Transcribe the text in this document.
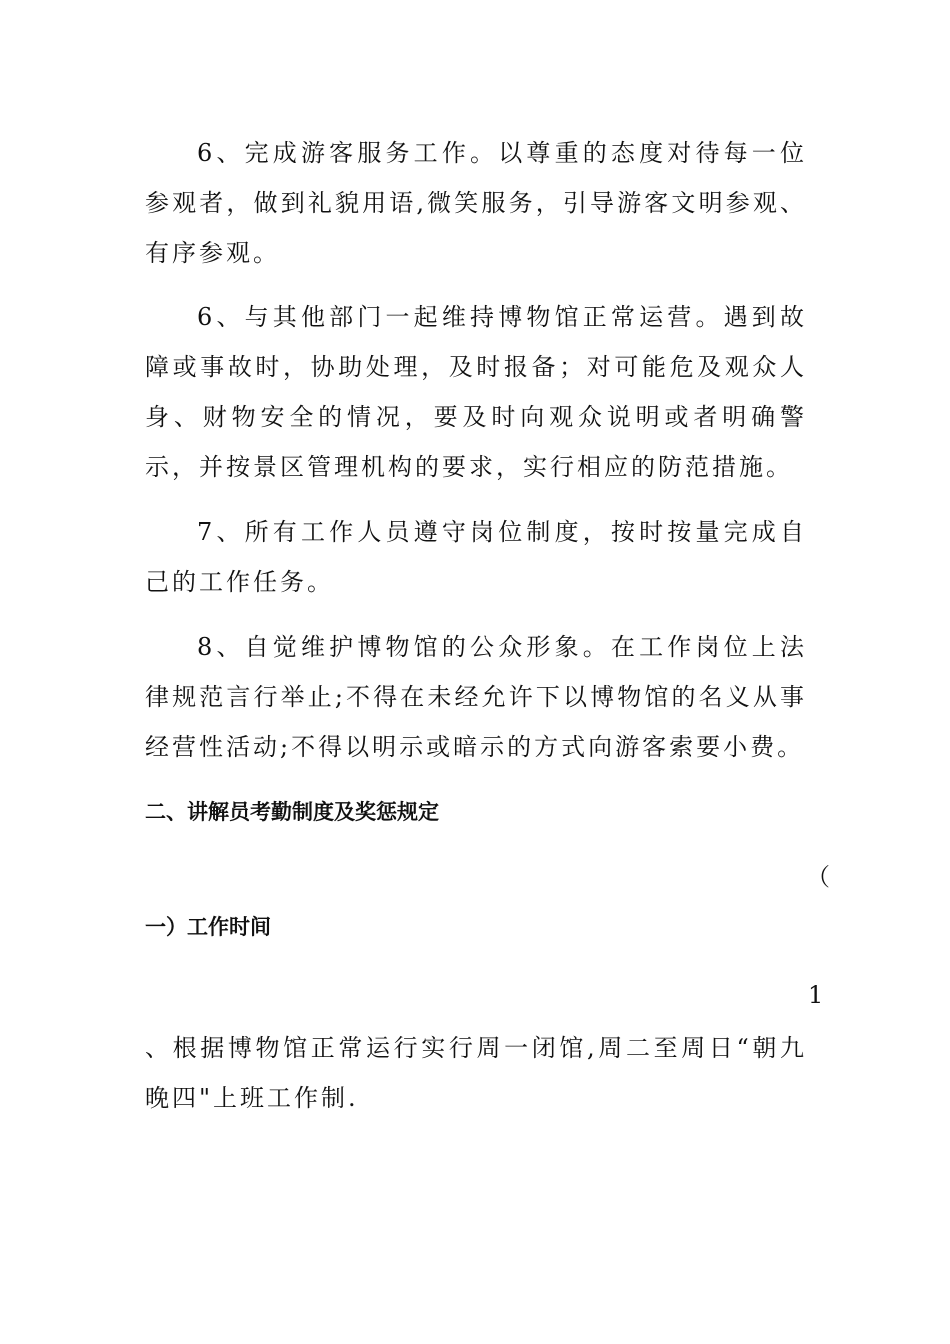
6、完成游客服务工作。以尊重的态度对待每一位参观者，做到礼貌用语,微笑服务，引导游客文明参观、有序参观。

6、与其他部门一起维持博物馆正常运营。遇到故障或事故时，协助处理，及时报备；对可能危及观众人身、财物安全的情况，要及时向观众说明或者明确警示，并按景区管理机构的要求，实行相应的防范措施。

7、所有工作人员遵守岗位制度，按时按量完成自己的工作任务。

8、自觉维护博物馆的公众形象。在工作岗位上法律规范言行举止;不得在未经允许下以博物馆的名义从事经营性活动;不得以明示或暗示的方式向游客索要小费。

二、讲解员考勤制度及奖惩规定
（
一）工作时间
1

、根据博物馆正常运行实行周一闭馆,周二至周日“朝九晚四"上班工作制.
